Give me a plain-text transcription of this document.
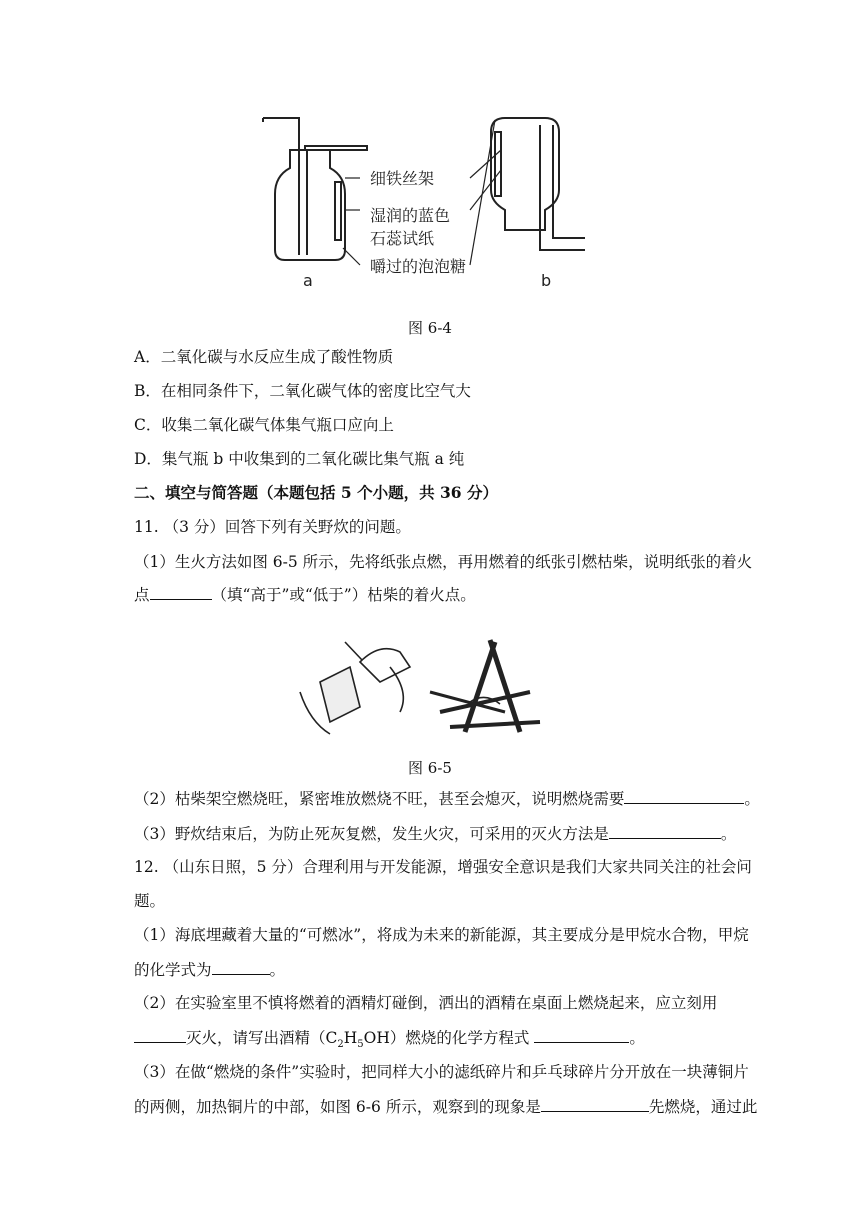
细铁丝架
湿润的蓝色
石蕊试纸
嚼过的泡泡糖
a	b
图 6-4
A．二氧化碳与水反应生成了酸性物质
B．在相同条件下，二氧化碳气体的密度比空气大
C．收集二氧化碳气体集气瓶口应向上
D．集气瓶 b 中收集到的二氧化碳比集气瓶 a 纯
二、填空与简答题（本题包括 5 个小题，共 36 分）
11. （3 分）回答下列有关野炊的问题。
（1）生火方法如图 6-5 所示，先将纸张点燃，再用燃着的纸张引燃枯柴，说明纸张的着火
点	（填“高于”或“低于”）枯柴的着火点。
图 6-5
（2）枯柴架空燃烧旺，紧密堆放燃烧不旺，甚至会熄灭，说明燃烧需要	。
（3）野炊结束后，为防止死灰复燃，发生火灾，可采用的灭火方法是	。
12. （山东日照，5 分）合理利用与开发能源，增强安全意识是我们大家共同关注的社会问
题。
（1）海底埋藏着大量的“可燃冰”，将成为未来的新能源，其主要成分是甲烷水合物，甲烷
的化学式为	。
（2）在实验室里不慎将燃着的酒精灯碰倒，洒出的酒精在桌面上燃烧起来，应立刻用
灭火，请写出酒精$(C_2H_5OH)$燃烧的化学方程式	。
（3）在做“燃烧的条件”实验时，把同样大小的滤纸碎片和乒乓球碎片分开放在一块薄铜片
的两侧，加热铜片的中部，如图 6-6 所示，观察到的现象是	先燃烧，通过此
